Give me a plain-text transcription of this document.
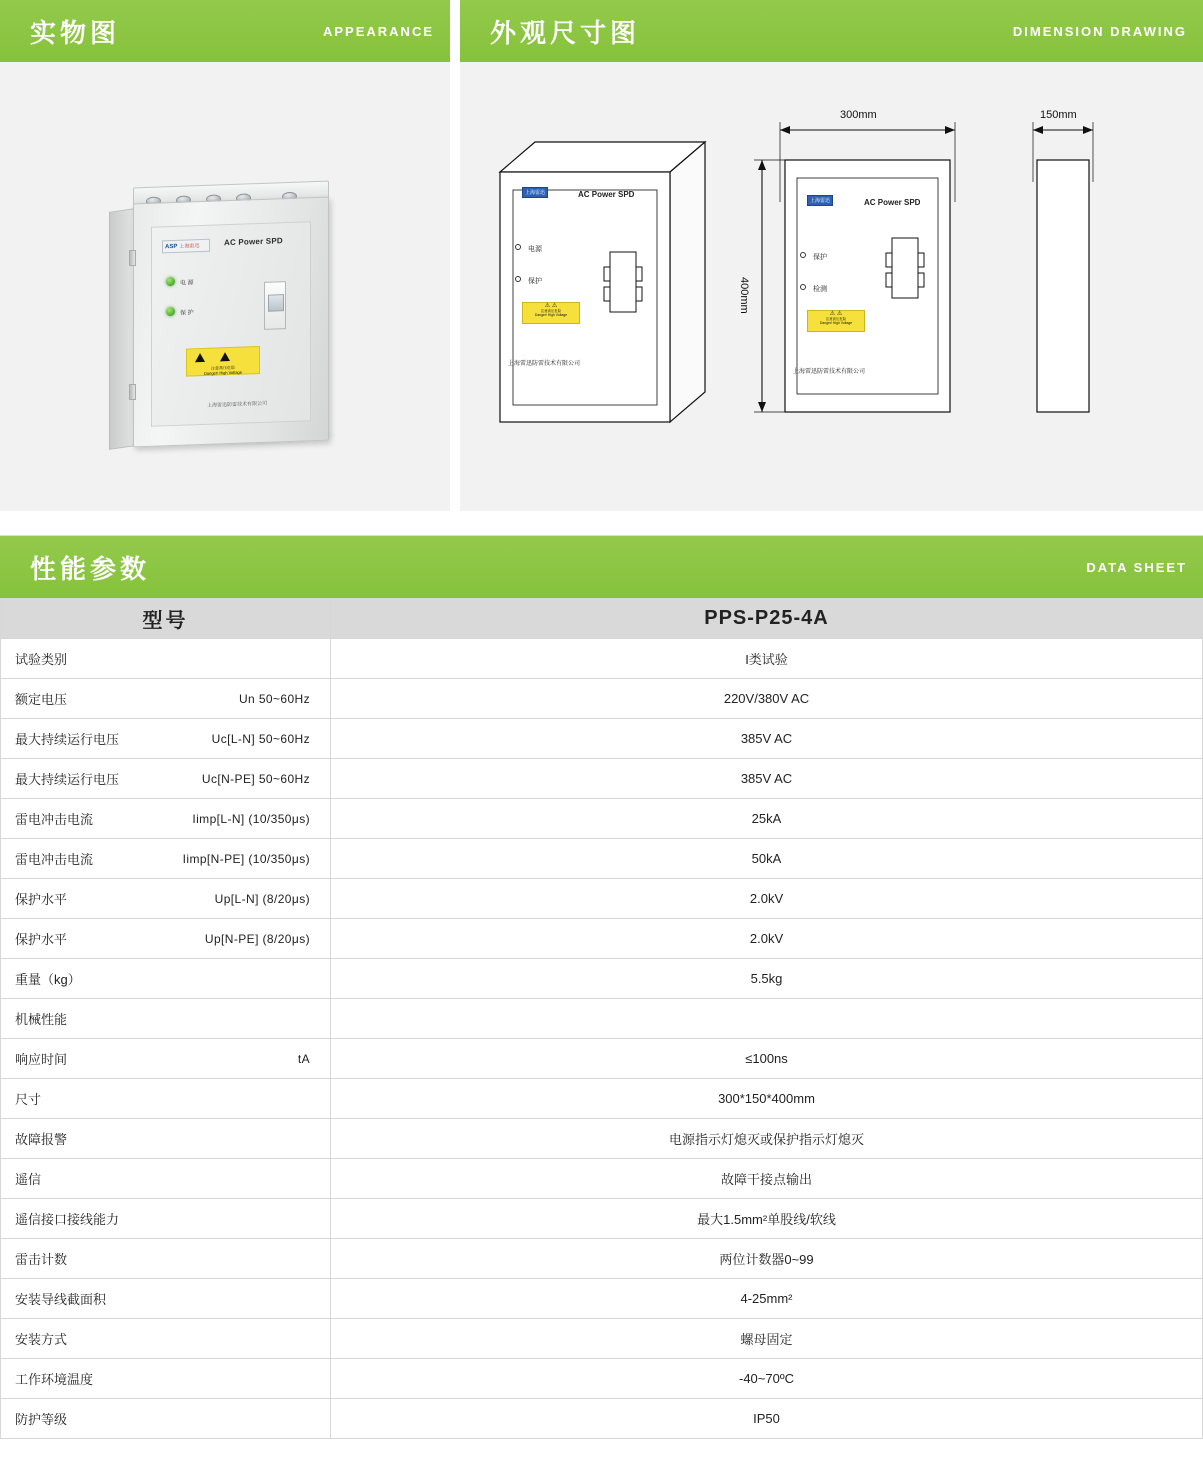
实物图	APPEARANCE
ASP 上海雷迅	AC Power SPD
电 源
保 护

注意高压危险
Danger! High Voltage
上海雷迅防雷技术有限公司
外观尺寸图	DIMENSION DRAWING
上海雷迅	AC Power SPD
电源
保护
⚠ ⚠
注意高压危险
Danger! High Voltage
上海雷迅防雷技术有限公司
300mm
400mm
上海雷迅	AC Power SPD
保护
检测
⚠ ⚠
注意高压危险
Danger! High Voltage
上海雷迅防雷技术有限公司
150mm
性能参数	DATA SHEET
型号	PPS-P25-4A

试验类别	I类试验

额定电压 Un 50~60Hz	220V/380V AC

最大持续运行电压 Uc[L-N] 50~60Hz	385V AC

最大持续运行电压 Uc[N-PE] 50~60Hz	385V AC

雷电冲击电流 Iimp[L-N] (10/350μs)	25kA

雷电冲击电流 Iimp[N-PE] (10/350μs)	50kA

保护水平 Up[L-N] (8/20μs)	2.0kV

保护水平 Up[N-PE] (8/20μs)	2.0kV

重量（kg）	5.5kg

机械性能	

响应时间 tA	≤100ns

尺寸	300*150*400mm

故障报警	电源指示灯熄灭或保护指示灯熄灭

遥信	故障干接点输出

遥信接口接线能力	最大1.5mm²单股线/软线

雷击计数	两位计数器0~99

安装导线截面积	4-25mm²

安装方式	螺母固定

工作环境温度	-40~70ºC

防护等级	IP50
